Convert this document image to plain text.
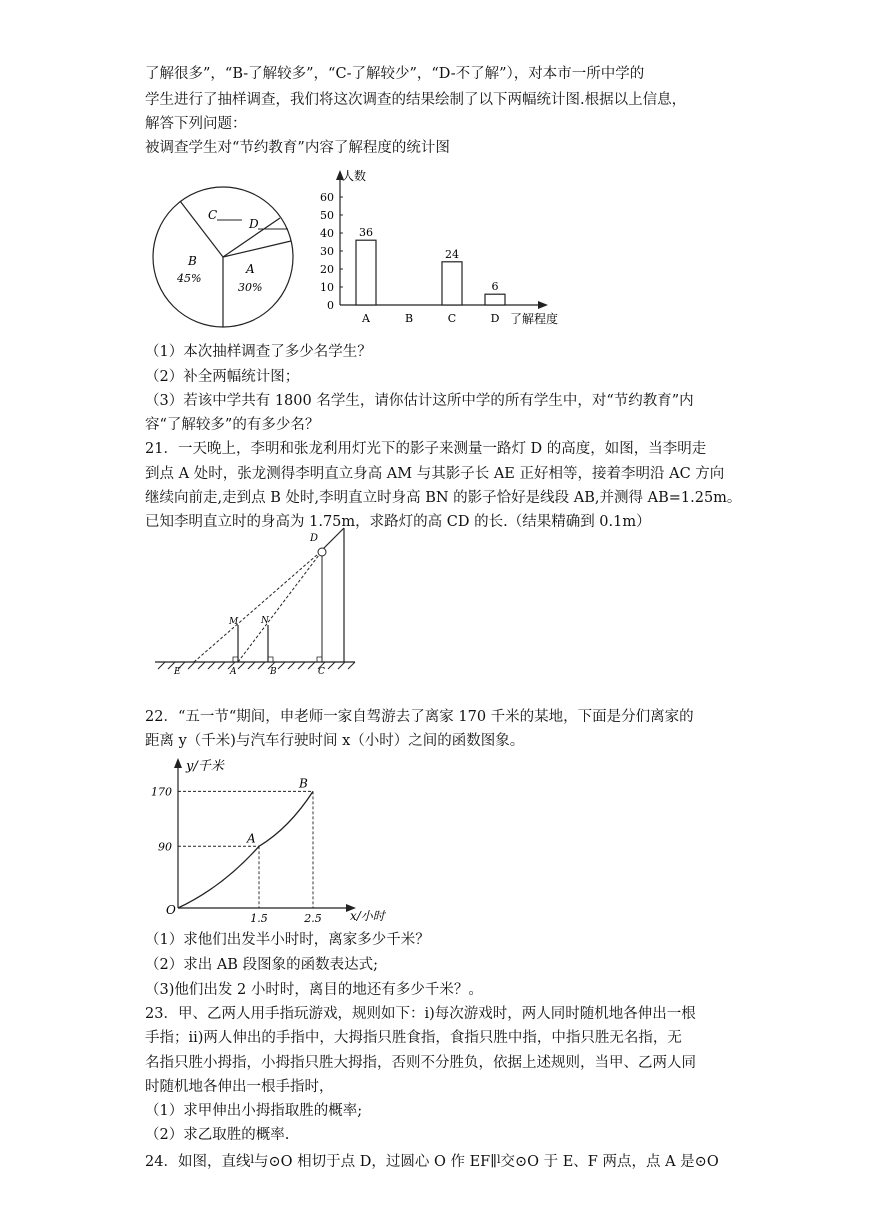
了解很多”，“B-了解较多”，“C-了解较少”，“D-不了解”），对本市一所中学的
学生进行了抽样调查，我们将这次调查的结果绘制了以下两幅统计图.根据以上信息，
解答下列问题：
被调查学生对“节约教育”内容了解程度的统计图
C
D
B
45%
A
30%
人数
了解程度
0
10
20
30
40
50
60
36
24
6
A	B	C	D
（1）本次抽样调查了多少名学生？
（2）补全两幅统计图；
（3）若该中学共有 1800 名学生，请你估计这所中学的所有学生中，对“节约教育”内
容“了解较多”的有多少名？
21．一天晚上，李明和张龙利用灯光下的影子来测量一路灯 D 的高度，如图，当李明走
到点 A 处时，张龙测得李明直立身高 AM 与其影子长 AE 正好相等，接着李明沿 AC 方向
继续向前走,走到点 B 处时,李明直立时身高 BN 的影子恰好是线段 AB,并测得 AB=1.25m。
已知李明直立时的身高为 1.75m，求路灯的高 CD 的长.（结果精确到 0.1m）
D
M	N
E	A	B	C
22．“五一节“期间，申老师一家自驾游去了离家 170 千米的某地，下面是分们离家的
距离 y（千米)与汽车行驶时间 x（小时）之间的函数图象。
y/千米
x/小时
O
A
B
90
170
1.5	2.5
（1）求他们出发半小时时，离家多少千米？
（2）求出 AB 段图象的函数表达式;
（3)他们出发 2 小时时，离目的地还有多少千米？。
23．甲、乙两人用手指玩游戏，规则如下：i)每次游戏时，两人同时随机地各伸出一根
手指；ii)两人伸出的手指中，大拇指只胜食指，食指只胜中指，中指只胜无名指，无
名指只胜小拇指，小拇指只胜大拇指，否则不分胜负，依据上述规则，当甲、乙两人同
时随机地各伸出一根手指时，
（1）求甲伸出小拇指取胜的概率;
（2）求乙取胜的概率.
24．如图，直线$^l$与⊙O 相切于点 D，过圆心 O 作 EF∥$^l$交⊙O 于 E、F 两点，点 A 是⊙O
